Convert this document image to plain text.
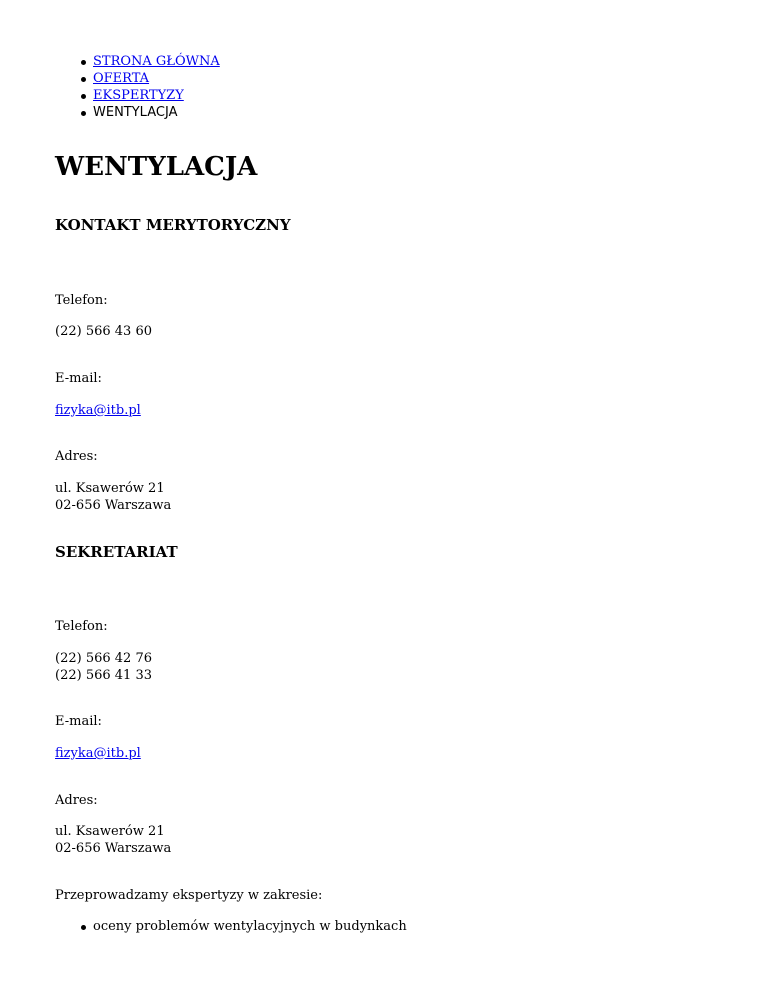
STRONA GŁÓWNA
OFERTA
EKSPERTYZY
WENTYLACJA
WENTYLACJA
KONTAKT MERYTORYCZNY
Telefon:
(22) 566 43 60
E-mail:
fizyka@itb.pl
Adres:
ul. Ksawerów 21
02-656 Warszawa
SEKRETARIAT
Telefon:
(22) 566 42 76
(22) 566 41 33
E-mail:
fizyka@itb.pl
Adres:
ul. Ksawerów 21
02-656 Warszawa
Przeprowadzamy ekspertyzy w zakresie:
oceny problemów wentylacyjnych w budynkach
